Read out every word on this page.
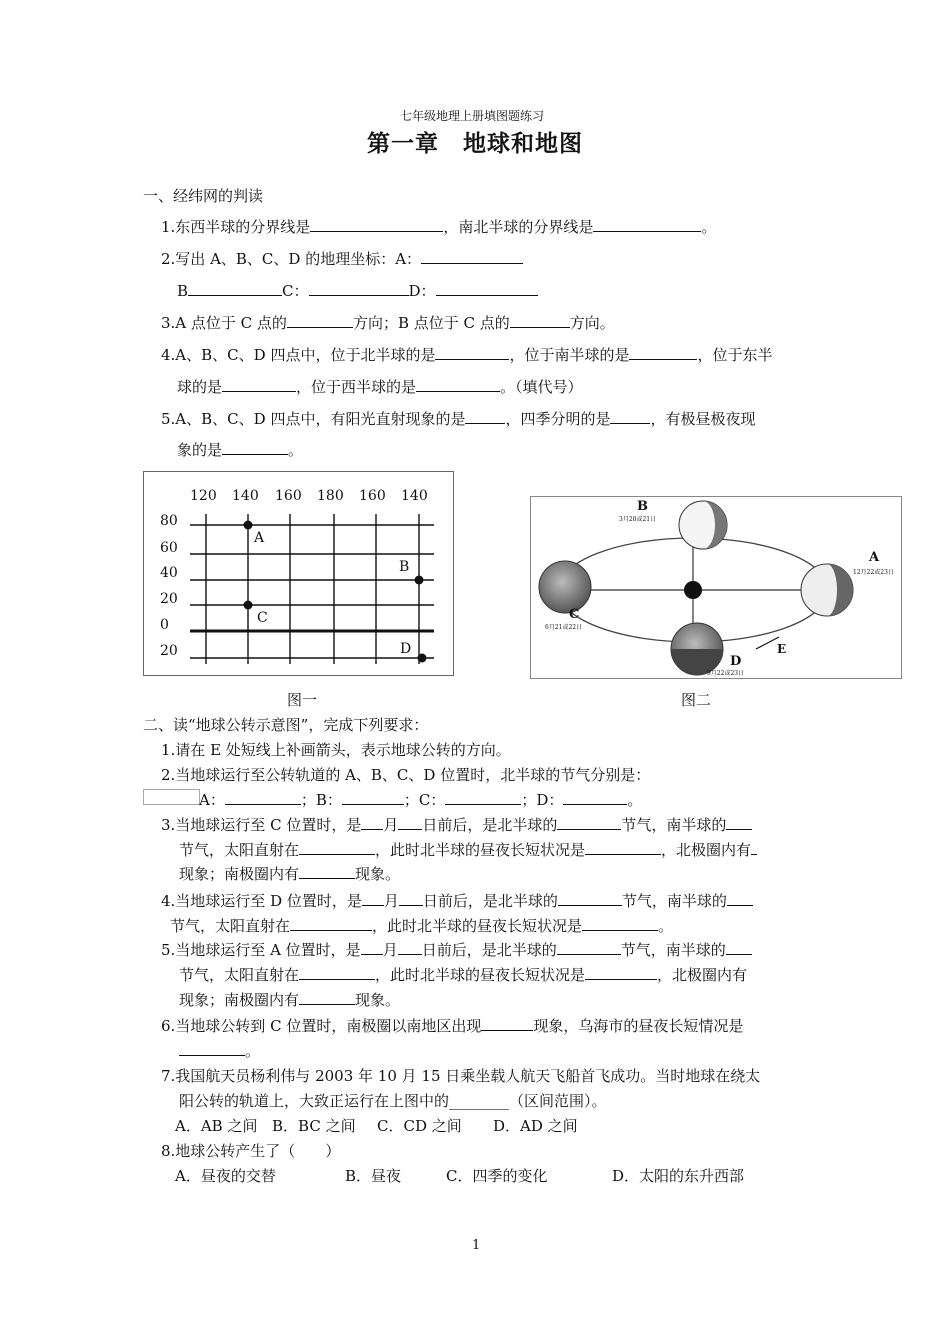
七年级地理上册填图题练习
第一章　地球和地图
一、经纬网的判读
1.东西半球的分界线是	，南北半球的分界线是	。
2.写出 A、B、C、D 的地理坐标：A：
B	C：	D：
3.A 点位于 C 点的	方向；B 点位于 C 点的	方向。
4.A、B、C、D 四点中，位于北半球的是	，位于南半球的是	，位于东半
球的是	，位于西半球的是	。（填代号）
5.A、B、C、D 四点中，有阳光直射现象的是	，四季分明的是	，有极昼极夜现
象的是	。
120 140 160 180 160 140
80
60
40
20
0
20
A
B
C
D
B
3月20或21日
A
12月22或23日
C
6月21或22日
D
9月22或23日
E
图一	图二
二、读“地球公转示意图”，完成下列要求：
1.请在 E 处短线上补画箭头，表示地球公转的方向。
2.当地球运行至公转轨道的 A、B、C、D 位置时，北半球的节气分别是：
A：	；B：	；C：	；D：	。
3.当地球运行至 C 位置时，是 月 日前后，是北半球的	节气，南半球的
节气，太阳直射在	，此时北半球的昼夜长短状况是	，北极圈内有
现象；南极圈内有	现象。
4.当地球运行至 D 位置时，是 月 日前后，是北半球的	节气，南半球的
节气，太阳直射在	，此时北半球的昼夜长短状况是	。
5.当地球运行至 A 位置时，是 月 日前后，是北半球的	节气，南半球的
节气，太阳直射在	，此时北半球的昼夜长短状况是	，北极圈内有
现象；南极圈内有	现象。
6.当地球公转到 C 位置时，南极圈以南地区出现	现象，乌海市的昼夜长短情况是
。
7.我国航天员杨利伟与 2003 年 10 月 15 日乘坐载人航天飞船首飞成功。当时地球在绕太
阳公转的轨道上，大致正运行在上图中的________（区间范围）。
A．AB 之间 B．BC 之间 C．CD 之间 D．AD 之间
8.地球公转产生了（　　）
A．昼夜的交替	B．昼夜	C．四季的变化	D．太阳的东升西部
1
